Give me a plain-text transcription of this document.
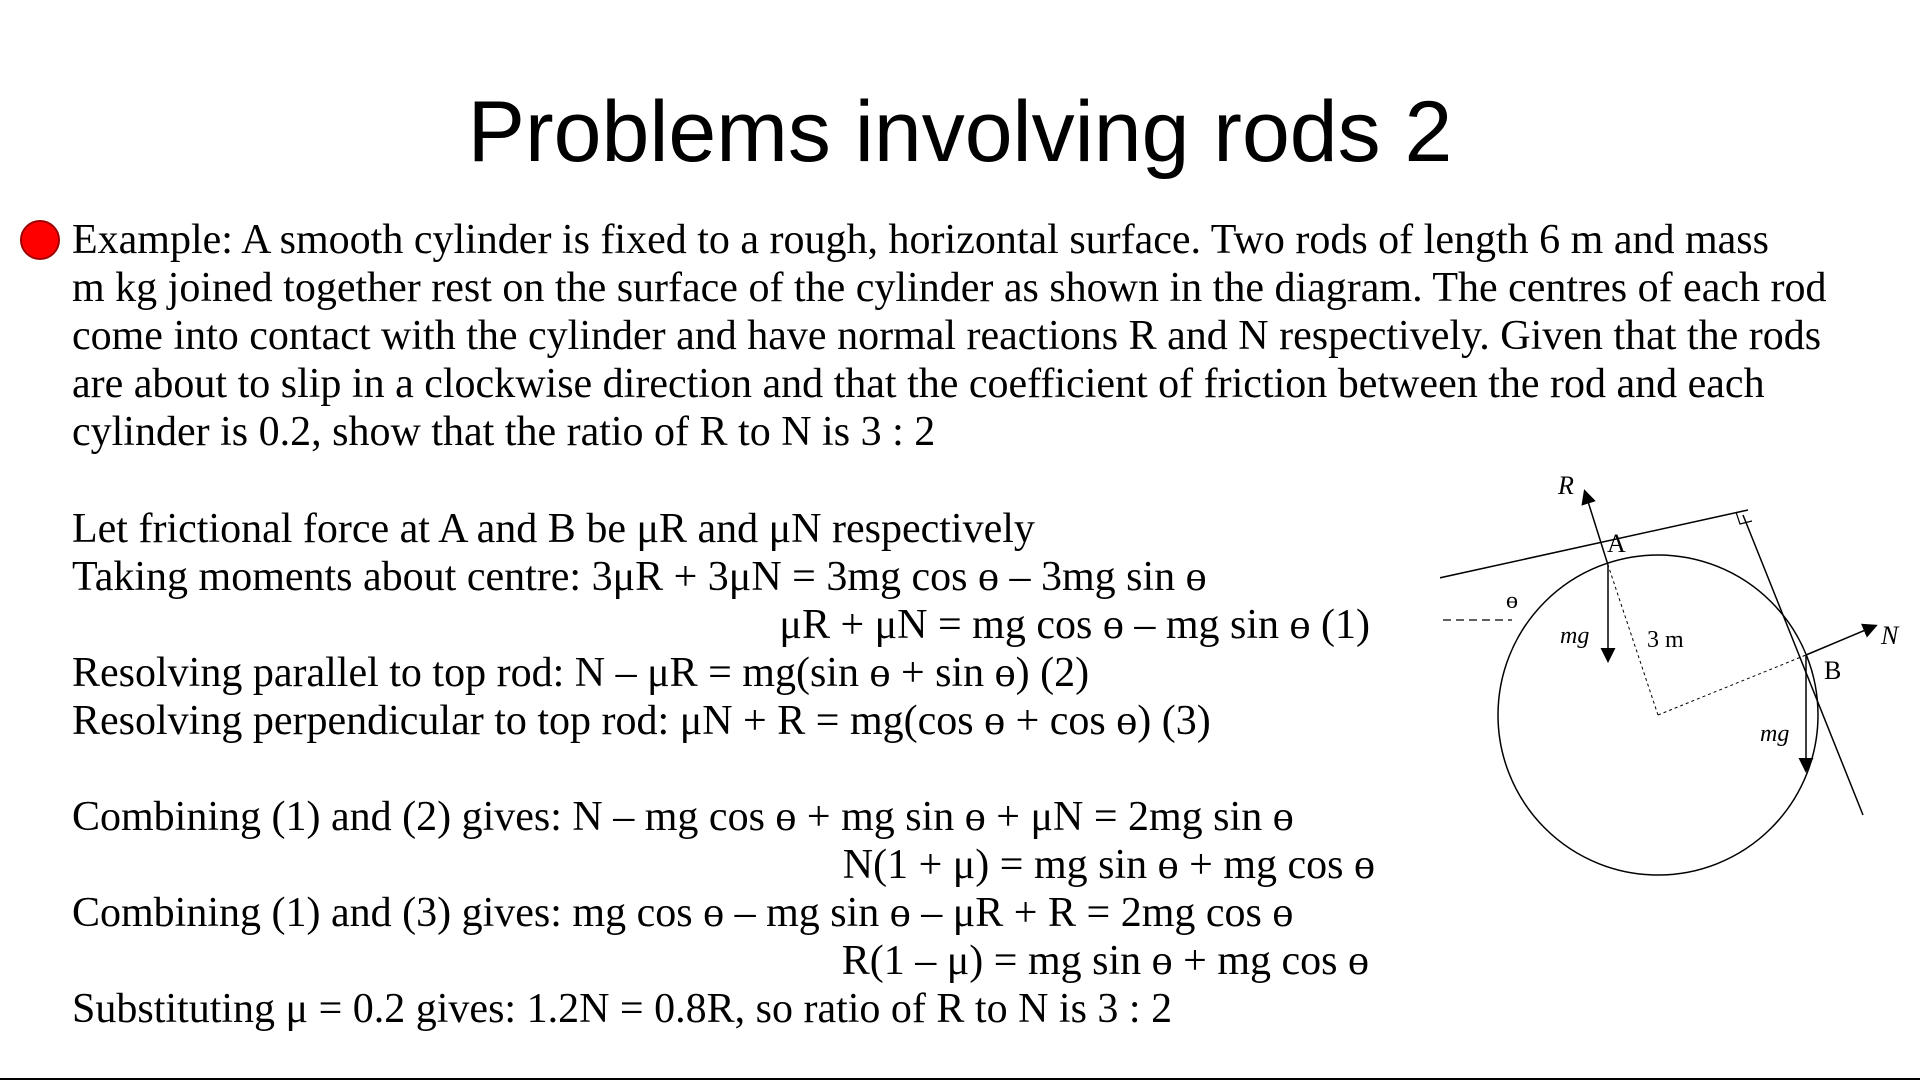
Problems involving rods 2
Example: A smooth cylinder is fixed to a rough, horizontal surface. Two rods of length 6 m and mass
m kg joined together rest on the surface of the cylinder as shown in the diagram. The centres of each rod
come into contact with the cylinder and have normal reactions R and N respectively. Given that the rods
are about to slip in a clockwise direction and that the coefficient of friction between the rod and each
cylinder is 0.2, show that the ratio of R to N is 3 : 2
Let frictional force at A and B be μR and μN respectively
Taking moments about centre: 3μR + 3μN = 3mg cos ɵ – 3mg sin ɵ
μR + μN = mg cos ɵ – mg sin ɵ (1)
Resolving parallel to top rod: N – μR = mg(sin ɵ + sin ɵ) (2)
Resolving perpendicular to top rod: μN + R = mg(cos ɵ + cos ɵ) (3)
Combining (1) and (2) gives: N – mg cos ɵ + mg sin ɵ + μN = 2mg sin ɵ
N(1 + μ) = mg sin ɵ + mg cos ɵ
Combining (1) and (3) gives: mg cos ɵ – mg sin ɵ – μR + R = 2mg cos ɵ
R(1 – μ) = mg sin ɵ + mg cos ɵ
Substituting μ = 0.2 gives: 1.2N = 0.8R, so ratio of R to N is 3 : 2
R
A
ɵ
mg 3 m	N
B
mg
